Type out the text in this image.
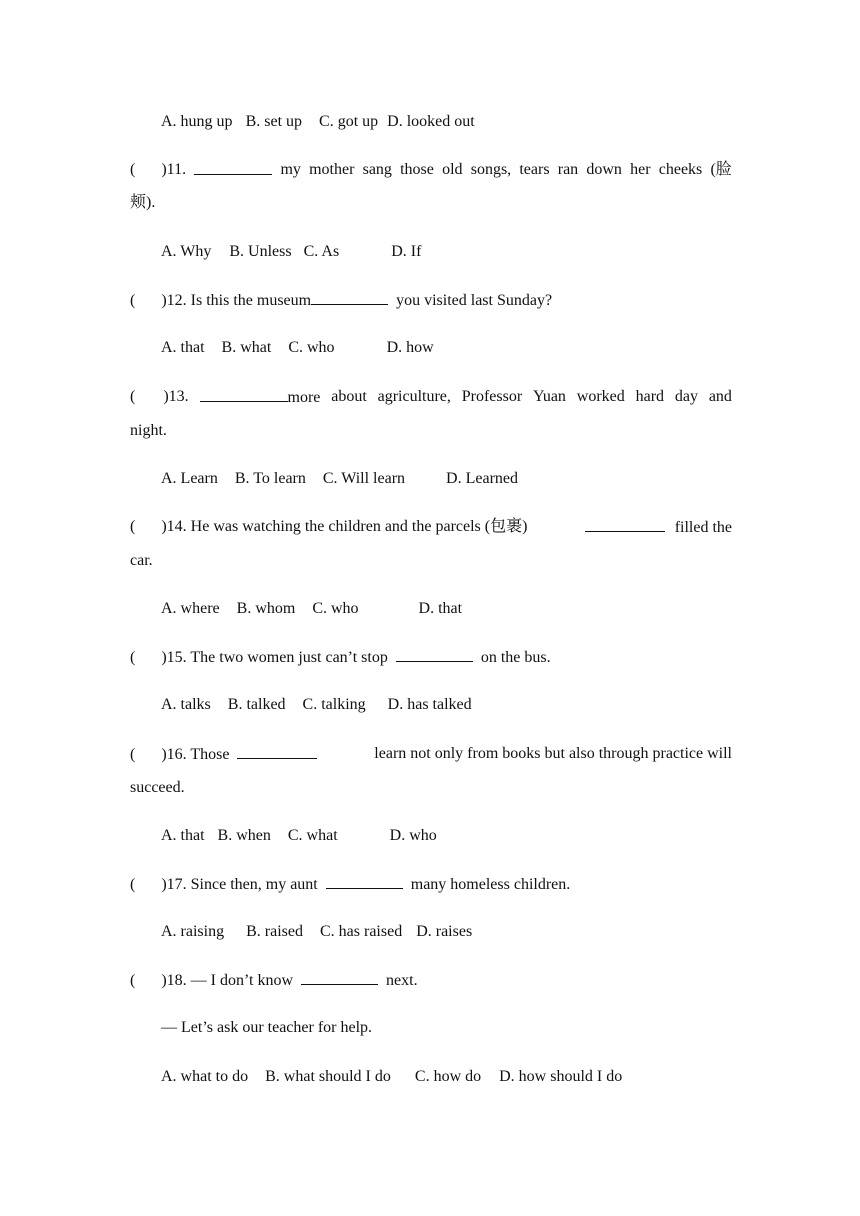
A. hung up B. set up C. got up D. looked out
( )11.	my mother sang those old songs, tears ran down her cheeks (脸
颊).
A. Why B. Unless C. As	D. If
( )12. Is this the museum	you visited last Sunday?
A. that B. what C. who	D. how
( )13.	more about agriculture, Professor Yuan worked hard day and
night.
A. Learn B. To learn C. Will learn	D. Learned
( )14. He was watching the children and the parcels (包裹)	filled the
car.
A. where B. whom C. who	D. that
( )15. The two women just can’t stop	on the bus.
A. talks B. talked C. talking D. has talked
( )16. Those	learn not only from books but also through practice will
succeed.
A. that B. when C. what	D. who
( )17. Since then, my aunt	many homeless children.
A. raising B. raised C. has raised D. raises
( )18. — I don’t know	next.
— Let’s ask our teacher for help.
A. what to do B. what should I do C. how do D. how should I do
